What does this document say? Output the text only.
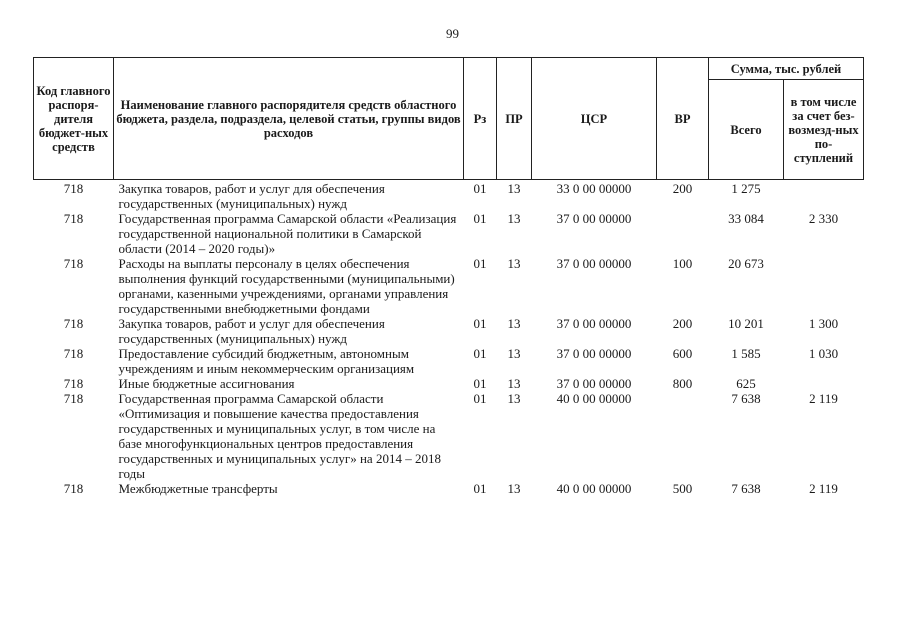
99
Код главного распоря-дителя бюджет-ных средств	Наименование главного распорядителя средств областного бюджета, раздела, подраздела, целевой статьи, группы видов расходов	Рз	ПР	ЦСР	ВР	Сумма, тыс. рублей	
						Всего	в том числе за счет без-возмезд-ных по-ступлений
718	Закупка товаров, работ и услуг для обеспечения государственных (муниципальных) нужд	01	13	33 0 00 00000	200	1 275	
718	Государственная программа Самарской области «Реализация государственной национальной политики в Самарской области (2014 – 2020 годы)»	01	13	37 0 00 00000		33 084	2 330
718	Расходы на выплаты персоналу в целях обеспечения выполнения функций государственными (муниципальными) органами, казенными учреждениями, органами управления государственными внебюджетными фондами	01	13	37 0 00 00000	100	20 673	
718	Закупка товаров, работ и услуг для обеспечения государственных (муниципальных) нужд	01	13	37 0 00 00000	200	10 201	1 300
718	Предоставление субсидий бюджетным, автономным учреждениям и иным некоммерческим организациям	01	13	37 0 00 00000	600	1 585	1 030
718	Иные бюджетные ассигнования	01	13	37 0 00 00000	800	625	
718	Государственная программа Самарской области «Оптимизация и повышение качества предоставления государственных и муниципальных услуг, в том числе на базе многофункциональных центров предоставления государственных и муниципальных услуг» на 2014 – 2018 годы	01	13	40 0 00 00000		7 638	2 119
718	Межбюджетные трансферты	01	13	40 0 00 00000	500	7 638	2 119
